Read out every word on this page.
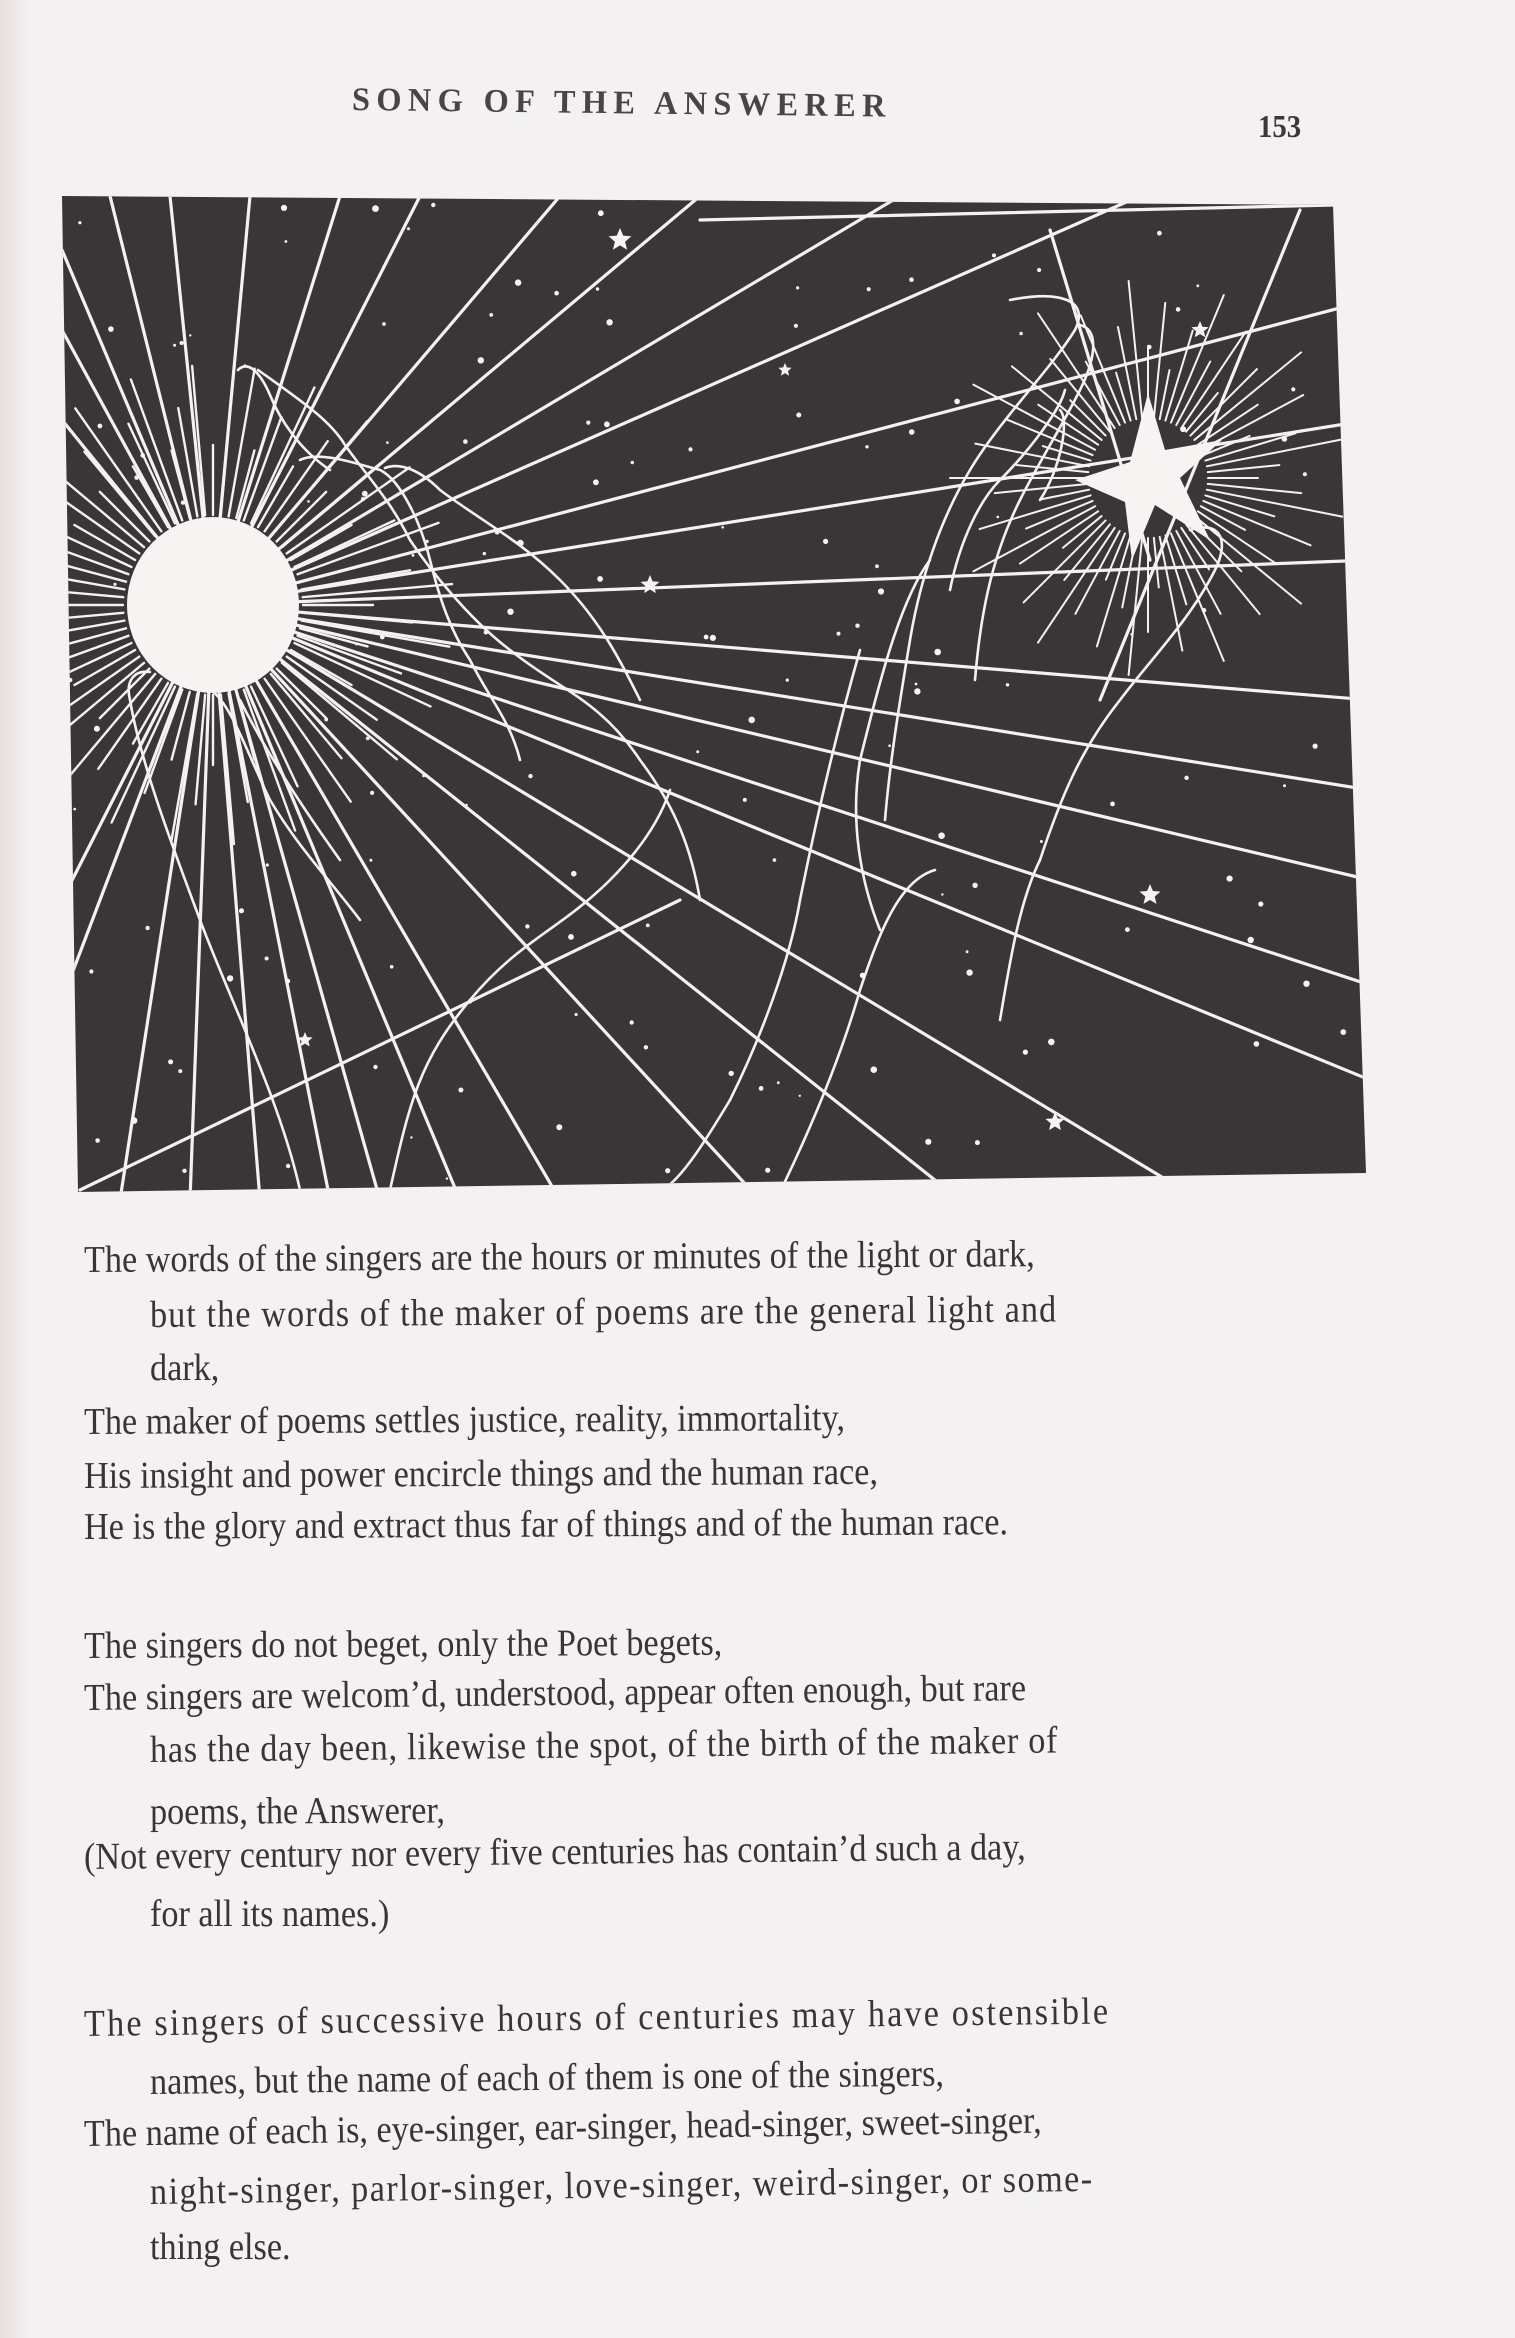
SONG OF THE ANSWERER
153
The words of the singers are the hours or minutes of the light or dark,
but the words of the maker of poems are the general light and
dark,
The maker of poems settles justice, reality, immortality,
His insight and power encircle things and the human race,
He is the glory and extract thus far of things and of the human race.
The singers do not beget, only the Poet begets,
The singers are welcom’d, understood, appear often enough, but rare
has the day been, likewise the spot, of the birth of the maker of
poems, the Answerer,
(Not every century nor every five centuries has contain’d such a day,
for all its names.)
The singers of successive hours of centuries may have ostensible
names, but the name of each of them is one of the singers,
The name of each is, eye-singer, ear-singer, head-singer, sweet-singer,
night-singer, parlor-singer, love-singer, weird-singer, or some-
thing else.
